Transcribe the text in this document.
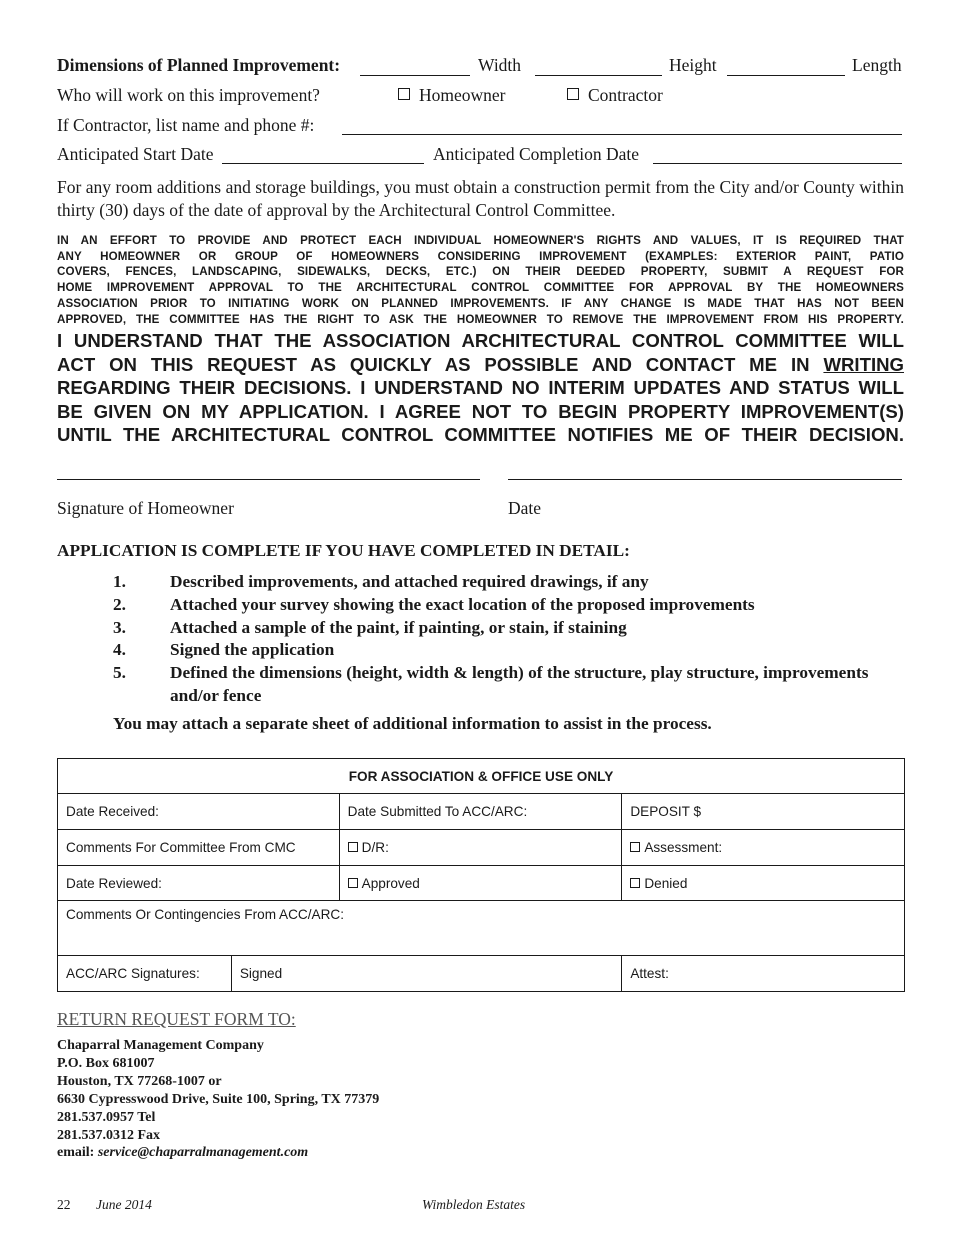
Dimensions of Planned Improvement:	Width	Height	Length
Who will work on this improvement?	Homeowner	Contractor
If Contractor, list name and phone #:
Anticipated Start Date	Anticipated Completion Date
For any room additions and storage buildings, you must obtain a construction permit from the City and/or County within thirty (30) days of the date of approval by the Architectural Control Committee.
IN AN EFFORT TO PROVIDE AND PROTECT EACH INDIVIDUAL HOMEOWNER'S RIGHTS AND VALUES, IT IS REQUIRED THAT
ANY HOMEOWNER OR GROUP OF HOMEOWNERS CONSIDERING IMPROVEMENT (EXAMPLES: EXTERIOR PAINT, PATIO
COVERS, FENCES, LANDSCAPING, SIDEWALKS, DECKS, ETC.) ON THEIR DEEDED PROPERTY, SUBMIT A REQUEST FOR
HOME IMPROVEMENT APPROVAL TO THE ARCHITECTURAL CONTROL COMMITTEE FOR APPROVAL BY THE HOMEOWNERS
ASSOCIATION PRIOR TO INITIATING WORK ON PLANNED IMPROVEMENTS. IF ANY CHANGE IS MADE THAT HAS NOT BEEN
APPROVED, THE COMMITTEE HAS THE RIGHT TO ASK THE HOMEOWNER TO REMOVE THE IMPROVEMENT FROM HIS PROPERTY.
I UNDERSTAND THAT THE ASSOCIATION ARCHITECTURAL CONTROL COMMITTEE WILL
ACT ON THIS REQUEST AS QUICKLY AS POSSIBLE AND CONTACT ME IN WRITING
REGARDING THEIR DECISIONS. I UNDERSTAND NO INTERIM UPDATES AND STATUS WILL
BE GIVEN ON MY APPLICATION. I AGREE NOT TO BEGIN PROPERTY IMPROVEMENT(S)
UNTIL THE ARCHITECTURAL CONTROL COMMITTEE NOTIFIES ME OF THEIR DECISION.
Signature of Homeowner	Date
APPLICATION IS COMPLETE IF YOU HAVE COMPLETED IN DETAIL:
1.	Described improvements, and attached required drawings, if any
2.	Attached your survey showing the exact location of the proposed improvements
3.	Attached a sample of the paint, if painting, or stain, if staining
4.	Signed the application
5.	Defined the dimensions (height, width & length) of the structure, play structure, improvements and/or fence
You may attach a separate sheet of additional information to assist in the process.
FOR ASSOCIATION & OFFICE USE ONLY			
Date Received:		Date Submitted To ACC/ARC:	DEPOSIT $
Comments For Committee From CMC		D/R:	Assessment:
Date Reviewed:		Approved	Denied
Comments Or Contingencies From ACC/ARC:			
ACC/ARC Signatures:	Signed		Attest:
RETURN REQUEST FORM TO:
Chaparral Management Company
P.O. Box 681007
Houston, TX 77268-1007 or
6630 Cypresswood Drive, Suite 100, Spring, TX 77379
281.537.0957 Tel
281.537.0312 Fax
email: service@chaparralmanagement.com
22 June 2014	Wimbledon Estates
